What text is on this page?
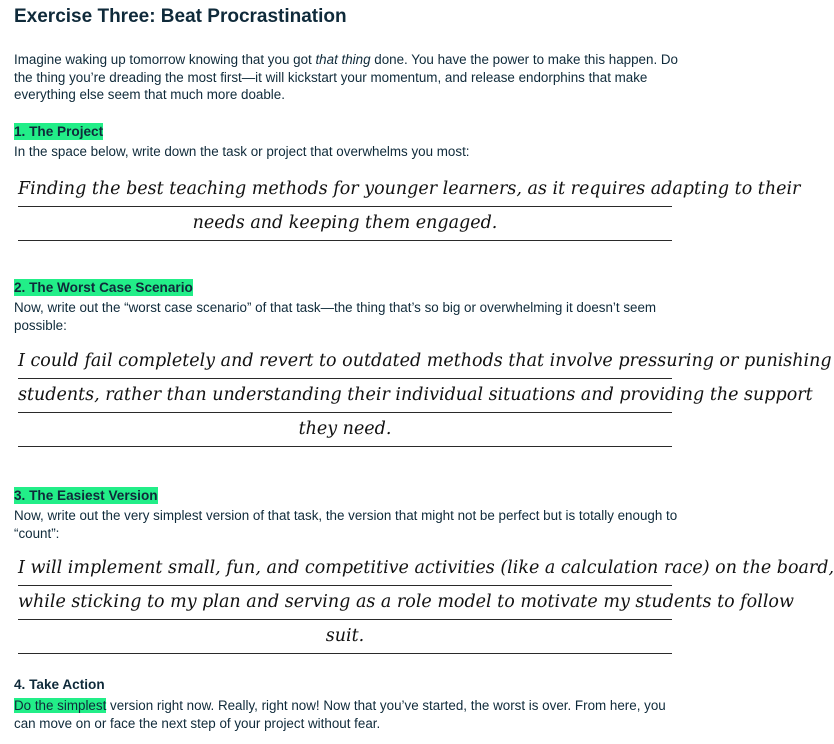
Exercise Three: Beat Procrastination
Imagine waking up tomorrow knowing that you got that thing done. You have the power to make this happen. Do the thing you’re dreading the most first—it will kickstart your momentum, and release endorphins that make everything else seem that much more doable.
1. The Project
In the space below, write down the task or project that overwhelms you most:
Finding the best teaching methods for younger learners, as it requires adapting to their
needs and keeping them engaged.
2. The Worst Case Scenario
Now, write out the “worst case scenario” of that task—the thing that’s so big or overwhelming it doesn’t seem possible:
I could fail completely and revert to outdated methods that involve pressuring or punishing
students, rather than understanding their individual situations and providing the support
they need.
3. The Easiest Version
Now, write out the very simplest version of that task, the version that might not be perfect but is totally enough to “count”:
I will implement small, fun, and competitive activities (like a calculation race) on the board,
while sticking to my plan and serving as a role model to motivate my students to follow
suit.
4. Take Action
Do the simplest version right now. Really, right now! Now that you’ve started, the worst is over. From here, you can move on or face the next step of your project without fear.
